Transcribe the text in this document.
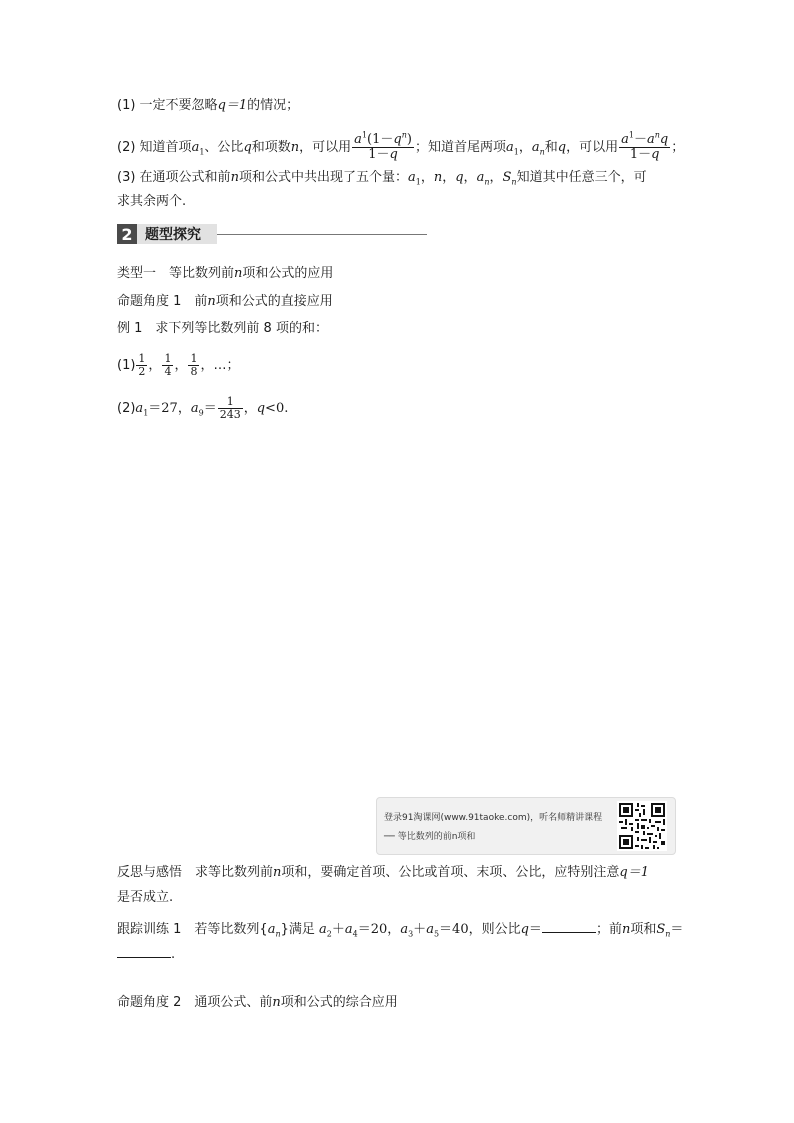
(1) 一定不要忽略q＝1的情况；
(2) 知道首项$a_1$、公比q和项数n，可以用 $\frac{a^1(1-q^n)}{1-q}$ ；知道首尾两项$a_1$，$a_n$和q，可以用 $\frac{a^1-a^nq}{1-q}$ ；
(3) 在通项公式和前n项和公式中共出现了五个量：$a_1$，n，q，$a_n$，$S_n$知道其中任意三个，可
求其余两个.
2 题型探究
类型一　等比数列前n项和公式的应用
命题角度 1　前n项和公式的直接应用
例 1　求下列等比数列前 8 项的和：
$(1) \frac{1}{2}$ ， $\frac{1}{4}$ ， $\frac{1}{8}$ ，…；
$(2)a_1=27$，$a_9= \frac{1}{243}$ ，q<0.
登录91淘课网(www.91taoke.com)，听名师精讲课程
── 等比数列的前n项和
反思与感悟　求等比数列前n项和，要确定首项、公比或首项、末项、公比，应特别注意q＝1
是否成立.
跟踪训练 1　若等比数列$\{a_n\}$满足 $a_2+a_4=20$，$a_3+a_5=40$，则公比q＝	；前n项和$S_n=$
.
命题角度 2　通项公式、前n项和公式的综合应用
